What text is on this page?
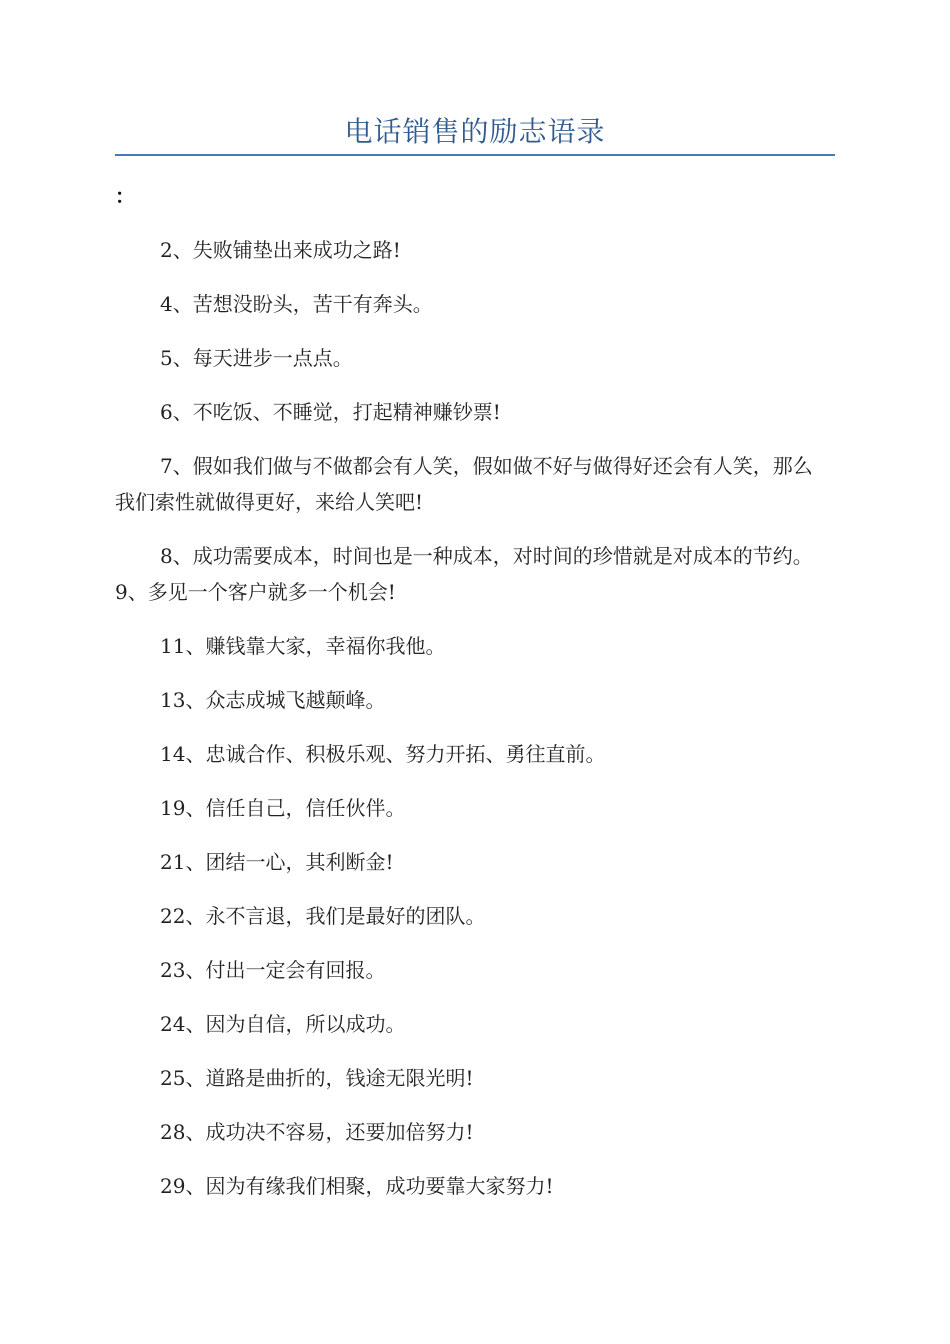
电话销售的励志语录
：

2、失败铺垫出来成功之路!

4、苦想没盼头，苦干有奔头。

5、每天进步一点点。

6、不吃饭、不睡觉，打起精神赚钞票!

7、假如我们做与不做都会有人笑，假如做不好与做得好还会有人笑，那么我们索性就做得更好，来给人笑吧!

8、成功需要成本，时间也是一种成本，对时间的珍惜就是对成本的节约。9、多见一个客户就多一个机会!

11、赚钱靠大家，幸福你我他。

13、众志成城飞越颠峰。

14、忠诚合作、积极乐观、努力开拓、勇往直前。

19、信任自己，信任伙伴。

21、团结一心，其利断金!

22、永不言退，我们是最好的团队。

23、付出一定会有回报。

24、因为自信，所以成功。

25、道路是曲折的，钱途无限光明!

28、成功决不容易，还要加倍努力!

29、因为有缘我们相聚，成功要靠大家努力!
